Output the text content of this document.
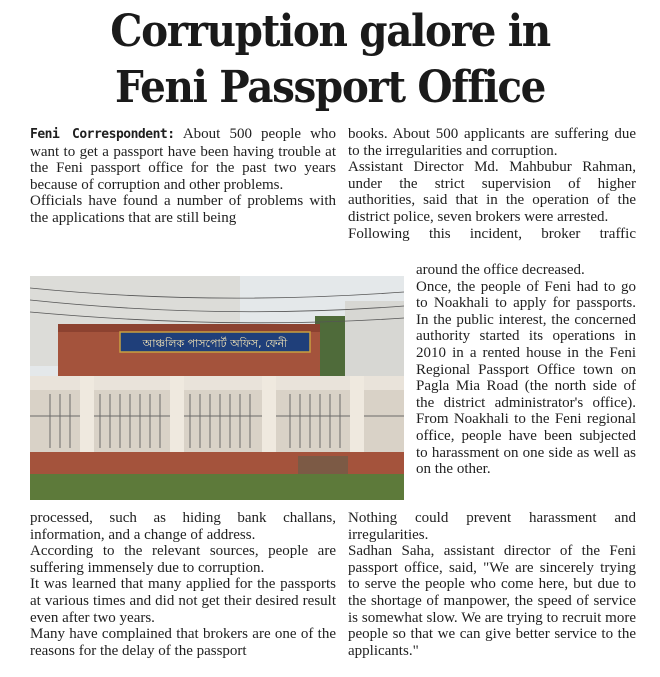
Corruption galore in
Feni Passport Office

Feni Correspondent: About 500 people who want to get a passport have been having trouble at the Feni passport office for the past two years because of corruption and other problems.

Officials have found a number of problems with the applications that are still being

আঞ্চলিক পাসপোর্ট অফিস, ফেনী

processed, such as hiding bank challans, information, and a change of address.

According to the relevant sources, people are suffering immensely due to corruption.

It was learned that many applied for the passports at various times and did not get their desired result even after two years.

Many have complained that brokers are one of the reasons for the delay of the passport

books. About 500 applicants are suffering due to the irregularities and corruption.

Assistant Director Md. Mahbubur Rahman, under the strict supervision of higher authorities, said that in the operation of the district police, seven brokers were arrested.

Following this incident, broker traffic

around the office decreased.

Once, the people of Feni had to go to Noakhali to apply for passports. In the public interest, the concerned authority started its operations in 2010 in a rented house in the Feni Regional Passport Office town on Pagla Mia Road (the north side of the district administrator's office). From Noakhali to the Feni regional office, people have been subjected to harassment on one side as well as on the other.

Nothing could prevent harassment and irregularities.

Sadhan Saha, assistant director of the Feni passport office, said, "We are sincerely trying to serve the people who come here, but due to the shortage of manpower, the speed of service is somewhat slow. We are trying to recruit more people so that we can give better service to the applicants."
